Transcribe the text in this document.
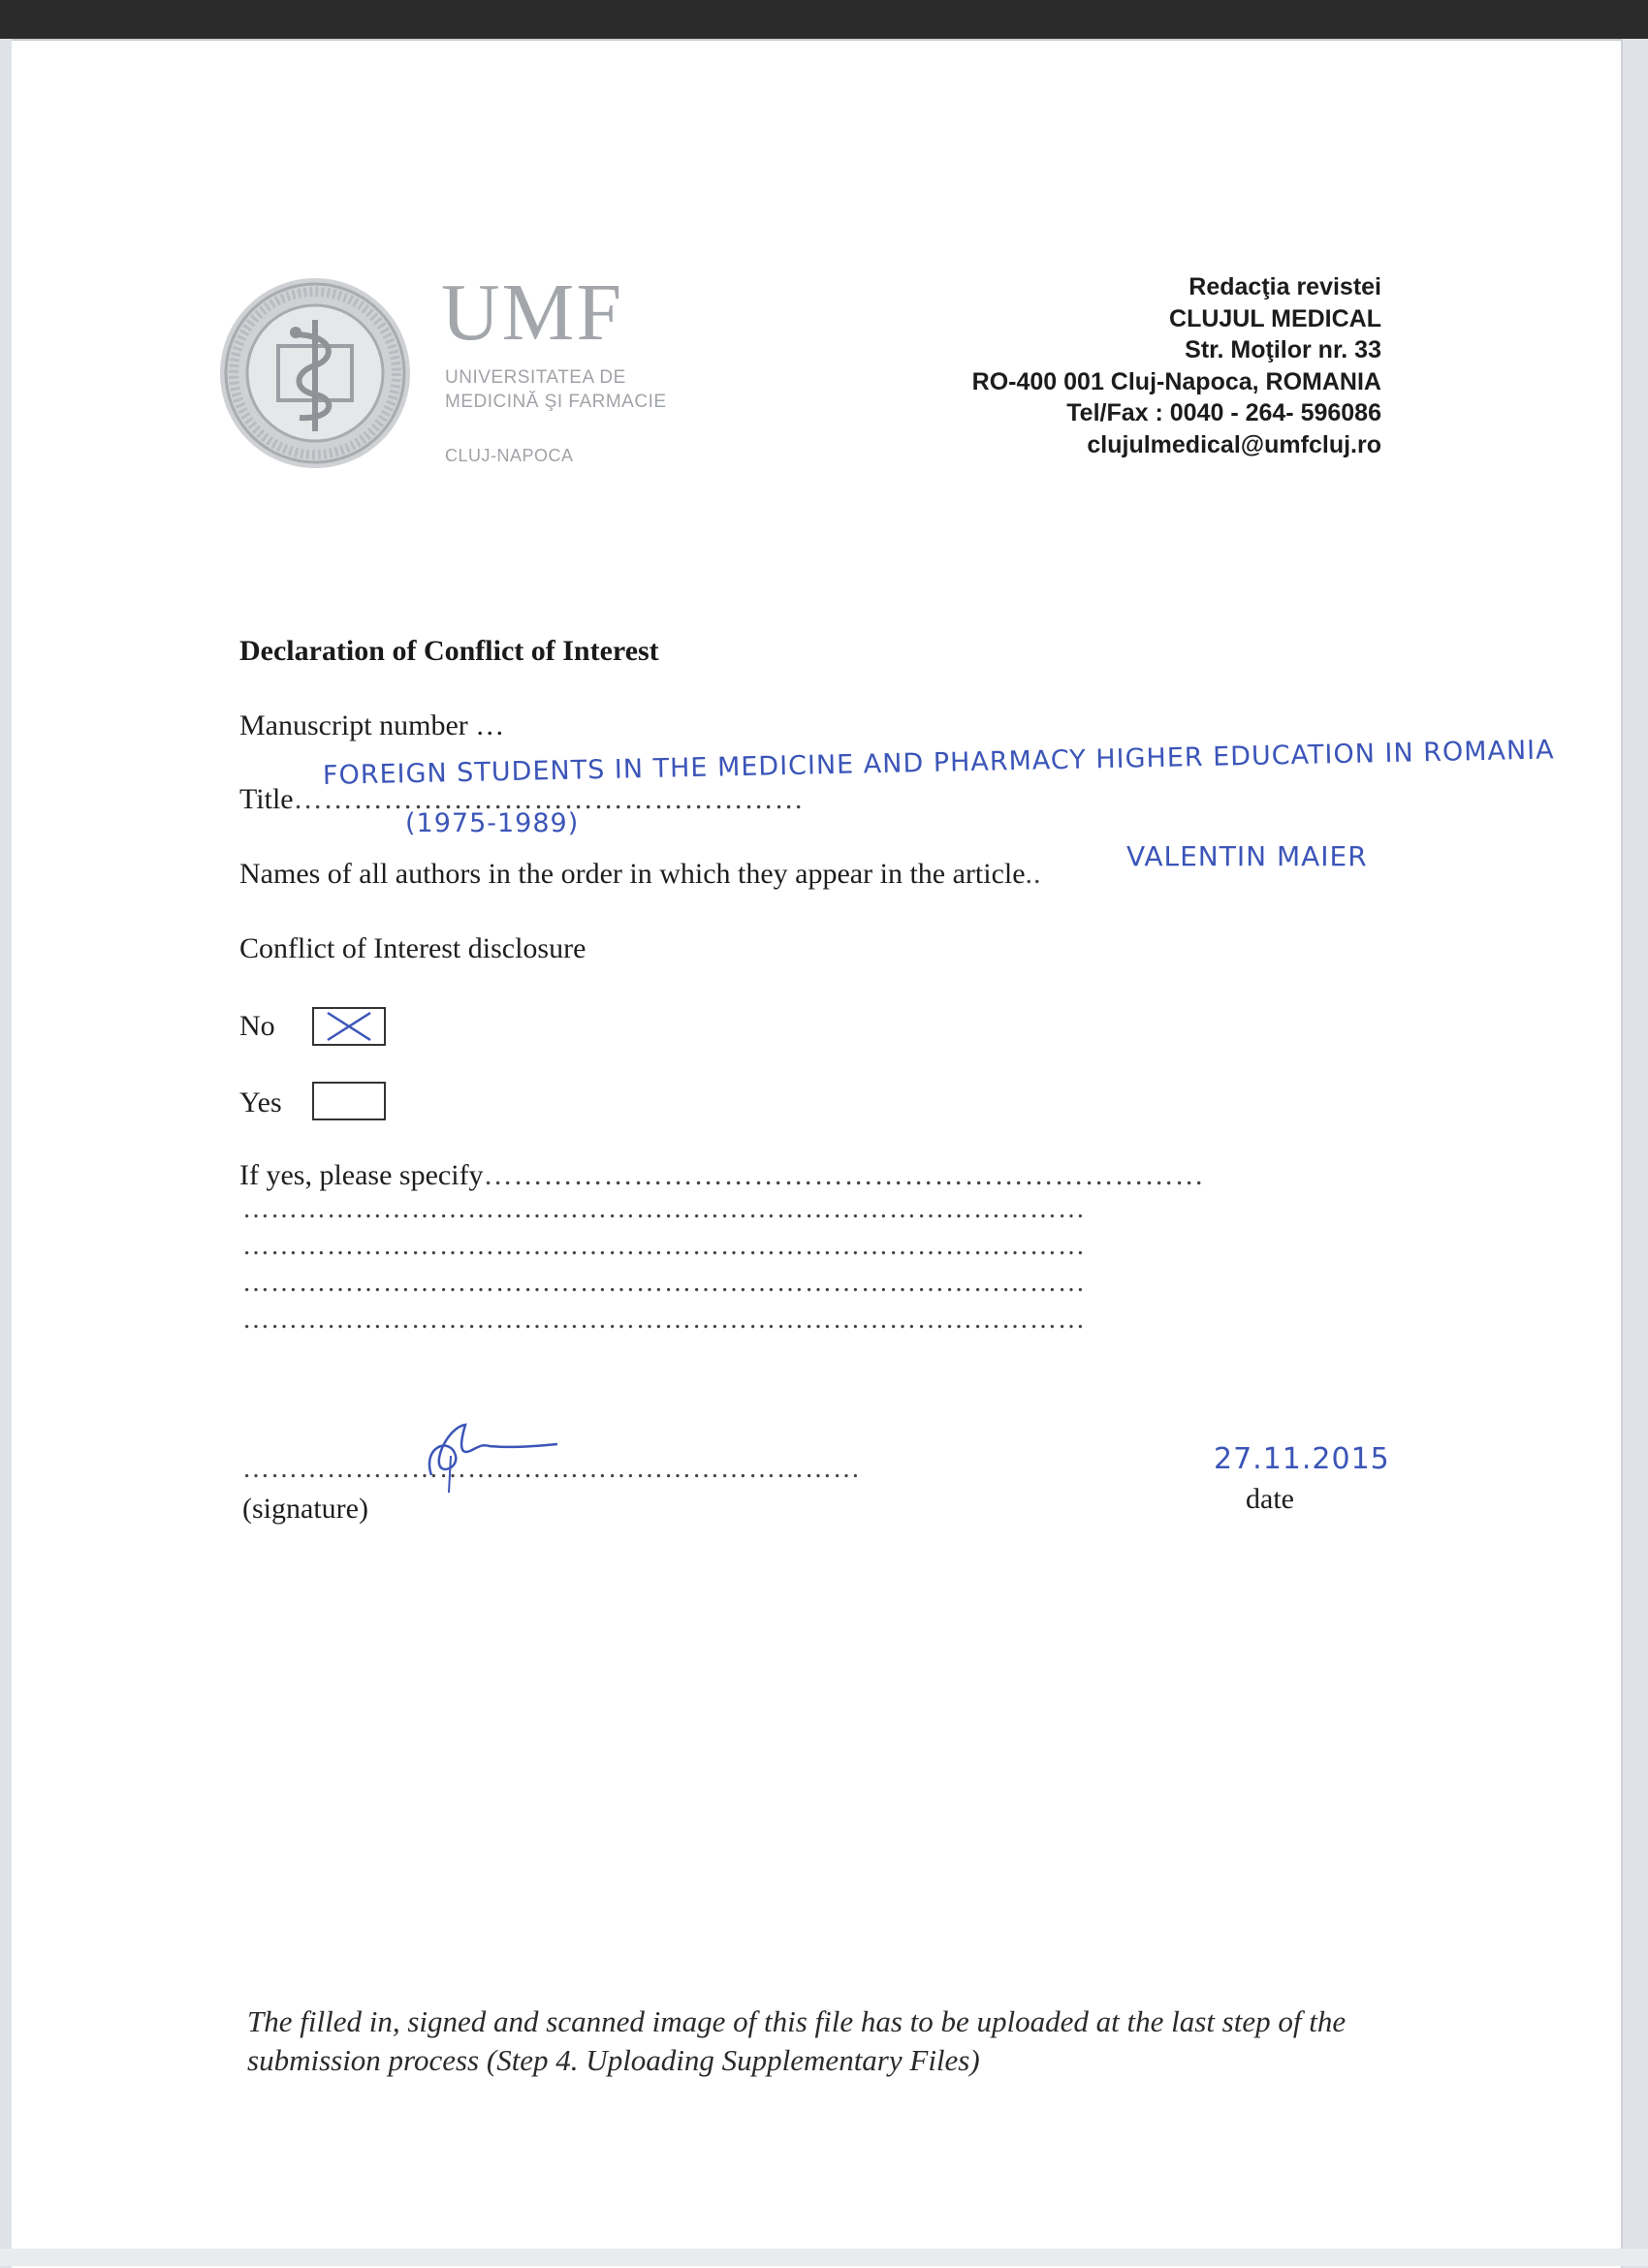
UMF
UNIVERSITATEA DE
MEDICINĂ ŞI FARMACIE
CLUJ-NAPOCA
Redacţia revistei
CLUJUL MEDICAL
Str. Moţilor nr. 33
RO-400 001 Cluj-Napoca, ROMANIA
Tel/Fax : 0040 - 264- 596086
clujulmedical@umfcluj.ro
Declaration of Conflict of Interest
Manuscript number …
Title……………………………………………
FOREIGN STUDENTS IN THE MEDICINE AND PHARMACY HIGHER EDUCATION IN ROMANIA
(1975-1989)
Names of all authors in the order in which they appear in the article..
VALENTIN MAIER
Conflict of Interest disclosure
No
Yes
If yes, please specify………………………………………………………………
………………………………………………………………………………
………………………………………………………………………………
………………………………………………………………………………
………………………………………………………………………………
…………………………………………………………
(signature)
27.11.2015
date
The filled in, signed and scanned image of this file has to be uploaded at the last step of the submission process (Step 4. Uploading Supplementary Files)
